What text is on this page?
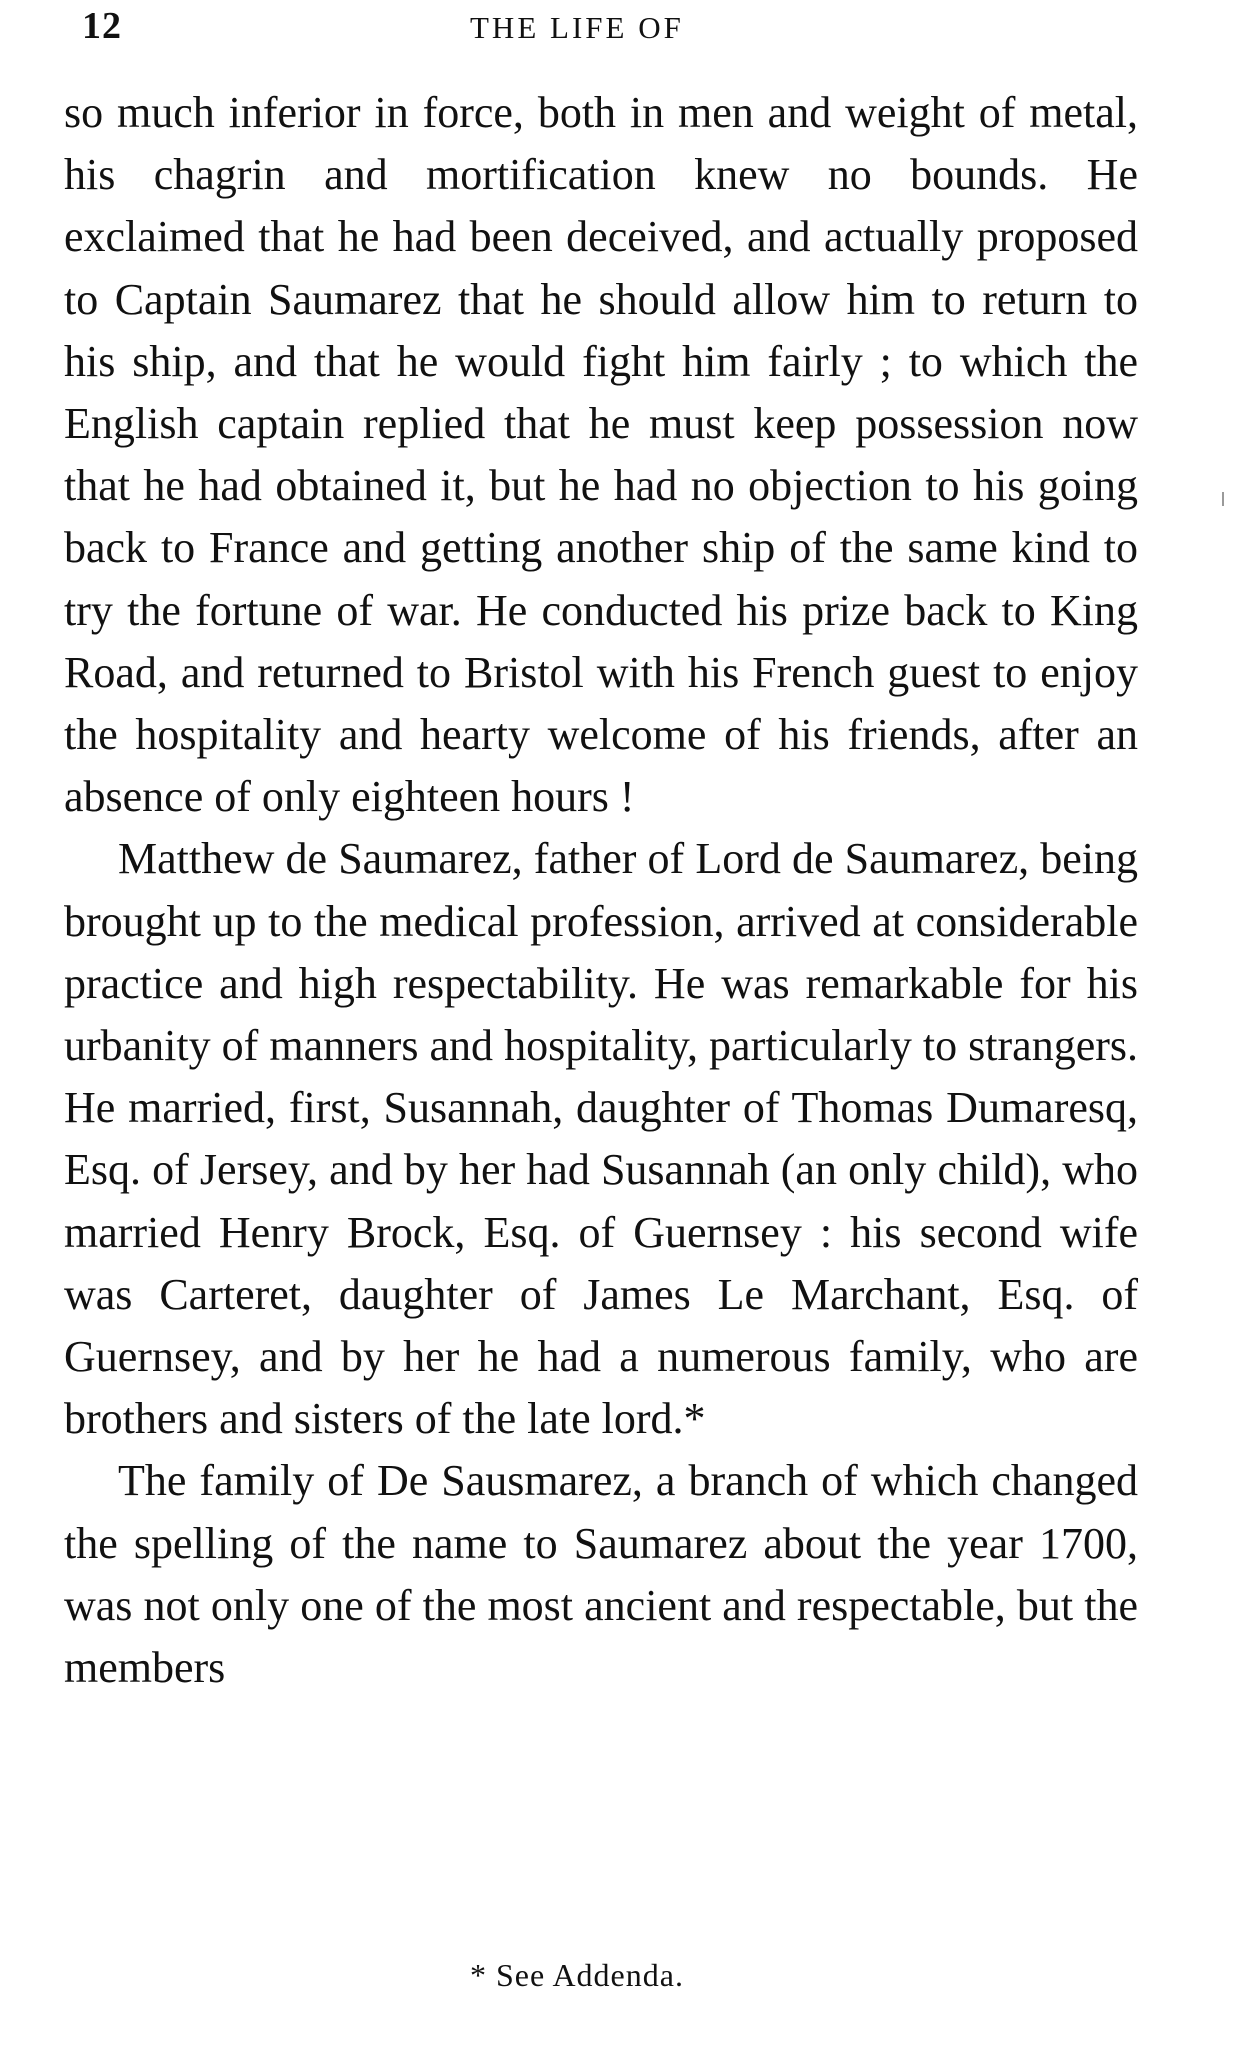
12	THE LIFE OF

so much inferior in force, both in men and weight of metal, his chagrin and mortification knew no bounds. He exclaimed that he had been deceived, and actually proposed to Captain Saumarez that he should allow him to return to his ship, and that he would fight him fairly ; to which the English captain replied that he must keep possession now that he had obtained it, but he had no objection to his going back to France and getting another ship of the same kind to try the fortune of war. He conducted his prize back to King Road, and returned to Bristol with his French guest to enjoy the hospitality and hearty welcome of his friends, after an absence of only eighteen hours !

Matthew de Saumarez, father of Lord de Saumarez, being brought up to the medical profession, arrived at considerable practice and high respectability. He was remarkable for his urbanity of manners and hospitality, particularly to strangers. He married, first, Susannah, daughter of Thomas Dumaresq, Esq. of Jersey, and by her had Susannah (an only child), who married Henry Brock, Esq. of Guernsey : his second wife was Carteret, daughter of James Le Marchant, Esq. of Guernsey, and by her he had a numerous family, who are brothers and sisters of the late lord.*

The family of De Sausmarez, a branch of which changed the spelling of the name to Saumarez about the year 1700, was not only one of the most ancient and respectable, but the members

* See Addenda.
